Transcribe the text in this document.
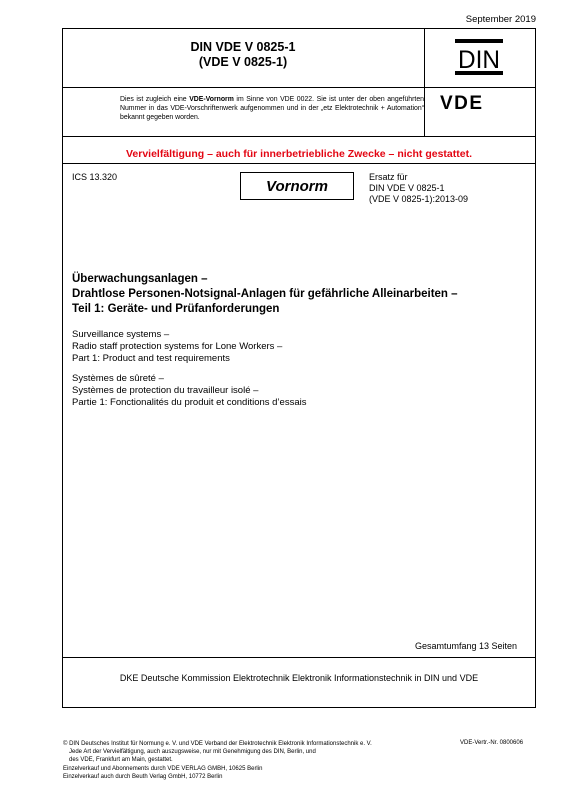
September 2019
DIN VDE V 0825-1
(VDE V 0825-1)	DIN
Dies ist zugleich eine VDE-Vornorm im Sinne von VDE 0022. Sie ist unter der oben angeführten Nummer in das VDE-Vorschriftenwerk aufgenommen und in der „etz Elektrotechnik + Automation“ bekannt gegeben worden.
VDE
Vervielfältigung – auch für innerbetriebliche Zwecke – nicht gestattet.
ICS 13.320
Vornorm
Ersatz für
DIN VDE V 0825-1
(VDE V 0825-1):2013-09
Überwachungsanlagen –
Drahtlose Personen-Notsignal-Anlagen für gefährliche Alleinarbeiten –
Teil 1: Geräte- und Prüfanforderungen
Surveillance systems –
Radio staff protection systems for Lone Workers –
Part 1: Product and test requirements
Systèmes de sûreté –
Systèmes de protection du travailleur isolé –
Partie 1: Fonctionalités du produit et conditions d’essais
Gesamtumfang 13 Seiten
DKE Deutsche Kommission Elektrotechnik Elektronik Informationstechnik in DIN und VDE
© DIN Deutsches Institut für Normung e. V. und VDE Verband der Elektrotechnik Elektronik Informationstechnik e. V.
Jede Art der Vervielfältigung, auch auszugsweise, nur mit Genehmigung des DIN, Berlin, und
des VDE, Frankfurt am Main, gestattet.
Einzelverkauf und Abonnements durch VDE VERLAG GMBH, 10625 Berlin
Einzelverkauf auch durch Beuth Verlag GmbH, 10772 Berlin
VDE-Vertr.-Nr. 0800606
